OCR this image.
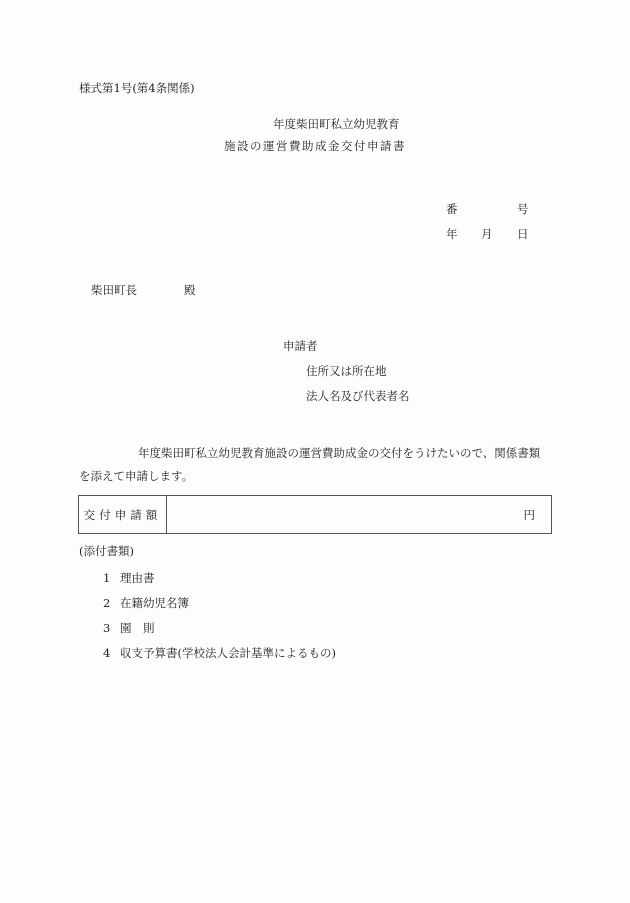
様式第1号(第4条関係)
年度柴田町私立幼児教育
施設の運営費助成金交付申請書
番	号
年 月 日
柴田町長	殿
申請者
住所又は所在地
法人名及び代表者名
年度柴田町私立幼児教育施設の運営費助成金の交付をうけたいので、関係書類
を添えて申請します。
交付申請額	円
(添付書類)
1 理由書
2 在籍幼児名簿
3 園　則
4 収支予算書(学校法人会計基準によるもの)
